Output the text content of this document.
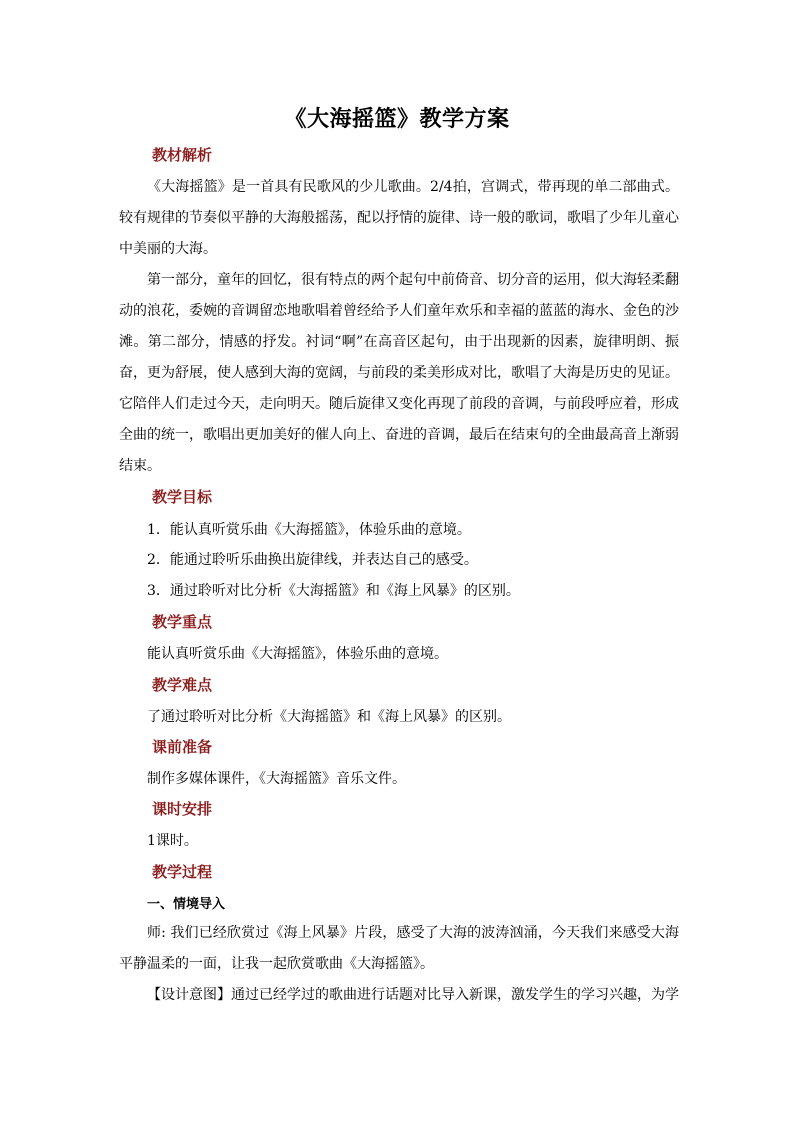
《大海摇篮》教学方案
教材解析
《大海摇篮》是一首具有民歌风的少儿歌曲。2/4拍，宫调式，带再现的单二部曲式。较有规律的节奏似平静的大海般摇荡，配以抒情的旋律、诗一般的歌词，歌唱了少年儿童心中美丽的大海。
第一部分，童年的回忆，很有特点的两个起句中前倚音、切分音的运用，似大海轻柔翻动的浪花，委婉的音调留恋地歌唱着曾经给予人们童年欢乐和幸福的蓝蓝的海水、金色的沙滩。第二部分，情感的抒发。衬词“啊”在高音区起句，由于出现新的因素，旋律明朗、振奋，更为舒展，使人感到大海的宽阔，与前段的柔美形成对比，歌唱了大海是历史的见证。它陪伴人们走过今天，走向明天。随后旋律又变化再现了前段的音调，与前段呼应着，形成全曲的统一，歌唱出更加美好的催人向上、奋进的音调，最后在结束句的全曲最高音上渐弱结束。
教学目标
1．能认真听赏乐曲《大海摇篮》，体验乐曲的意境。
2．能通过聆听乐曲换出旋律线，并表达自己的感受。
3．通过聆听对比分析《大海摇篮》和《海上风暴》的区别。
教学重点
能认真听赏乐曲《大海摇篮》，体验乐曲的意境。
教学难点
了通过聆听对比分析《大海摇篮》和《海上风暴》的区别。
课前准备
制作多媒体课件，《大海摇篮》音乐文件。
课时安排
1课时。
教学过程
一、情境导入
师: 我们已经欣赏过《海上风暴》片段，感受了大海的波涛汹涌，今天我们来感受大海平静温柔的一面，让我一起欣赏歌曲《大海摇篮》。
【设计意图】通过已经学过的歌曲进行话题对比导入新课，激发学生的学习兴趣，为学
